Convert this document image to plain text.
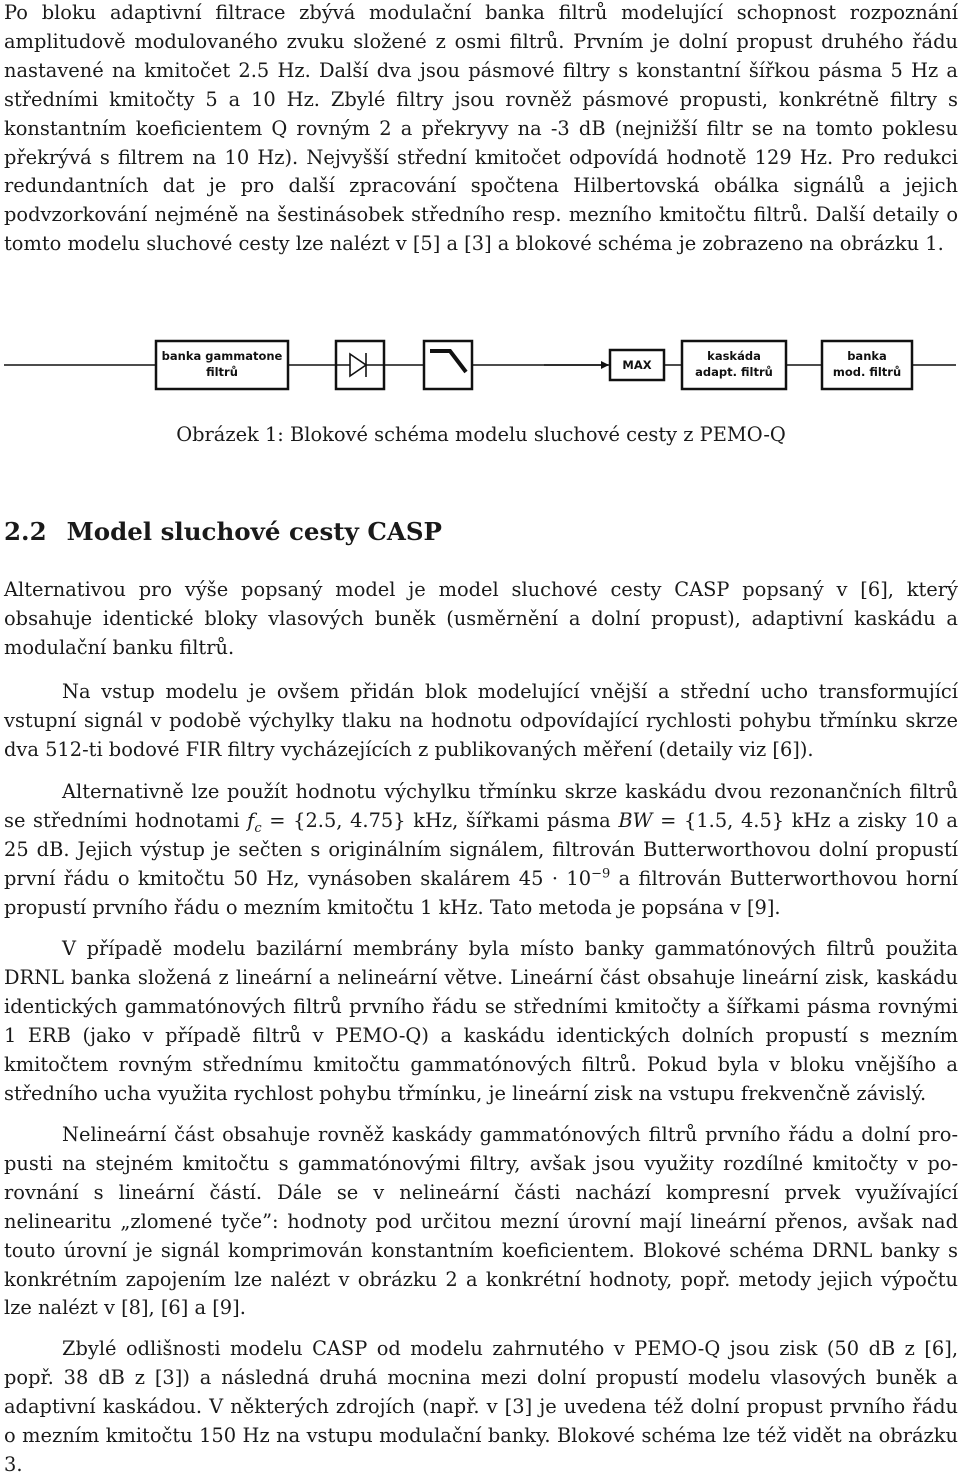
Po bloku adaptivní filtrace zbývá modulační banka filtrů modelující schopnost rozpoznání amplitudově modulovaného zvuku složené z osmi filtrů. Prvním je dolní propust druhého řádu nastavené na kmitočet 2.5 Hz. Další dva jsou pásmové filtry s konstantní šířkou pásma 5 Hz a středními kmitočty 5 a 10 Hz. Zbylé filtry jsou rovněž pásmové propusti, konkrétně filtry s konstantním koeficientem Q rovným 2 a překryvy na -3 dB (nejnižší filtr se na tomto poklesu překrývá s filtrem na 10 Hz). Nejvyšší střední kmitočet odpovídá hodnotě 129 Hz. Pro redukci redundantních dat je pro další zpracování spočtena Hilbertovská obálka signálů a jejich podvzorkování nejméně na šestinásobek středního resp. mezního kmitočtu filtrů. Další detaily o tomto modelu sluchové cesty lze nalézt v [5] a [3] a blokové schéma je zobrazeno na obrázku 1.

banka gammatone
filtrů	MAX
kaskáda
adapt. filtrů
banka
mod. filtrů
Obrázek 1: Blokové schéma modelu sluchové cesty z PEMO-Q
2.2 Model sluchové cesty CASP

Alternativou pro výše popsaný model je model sluchové cesty CASP popsaný v [6], který obsahuje identické bloky vlasových buněk (usměrnění a dolní propust), adaptivní kaskádu a modulační banku filtrů.

Na vstup modelu je ovšem přidán blok modelující vnější a střední ucho transformující vstupní signál v podobě výchylky tlaku na hodnotu odpovídající rychlosti pohybu třmínku skrze dva 512-ti bodové FIR filtry vycházejících z publikovaných měření (detaily viz [6]).

Alternativně lze použít hodnotu výchylku třmínku skrze kaskádu dvou rezonančních filtrů se středními hodnotami $f_c = \{2.5$, 4.75} kHz, šířkami pásma BW = {1.5, 4.5} kHz a zisky 10 a 25 dB. Jejich výstup je sečten s originálním signálem, filtrován Butterworthovou dolní propustí první řádu o kmitočtu 50 Hz, vynásoben skalárem $45 \cdot 10^{-9}$ a filtrován Butterworthovou horní propustí prvního řádu o mezním kmitočtu 1 kHz. Tato metoda je popsána v [9].

V případě modelu bazilární membrány byla místo banky gammatónových filtrů použita DRNL banka složená z lineární a nelineární větve. Lineární část obsahuje lineární zisk, kaskádu identických gammatónových filtrů prvního řádu se středními kmitočty a šířkami pásma rovnými 1 ERB (jako v případě filtrů v PEMO-Q) a kaskádu identických dolních propustí s mezním kmitočtem rovným střednímu kmitočtu gammatónových filtrů. Pokud byla v bloku vnějšího a středního ucha využita rychlost pohybu třmínku, je lineární zisk na vstupu frekvenčně závislý.

Nelineární část obsahuje rovněž kaskády gammatónových filtrů prvního řádu a dolní propusti na stejném kmitočtu s gammatónovými filtry, avšak jsou využity rozdílné kmitočty v porovnání s lineární částí. Dále se v nelineární části nachází kompresní prvek využívající nelinearitu „zlomené tyče”: hodnoty pod určitou mezní úrovní mají lineární přenos, avšak nad touto úrovní je signál komprimován konstantním koeficientem. Blokové schéma DRNL banky s konkrétním zapojením lze nalézt v obrázku 2 a konkrétní hodnoty, popř. metody jejich výpočtu lze nalézt v [8], [6] a [9].

Zbylé odlišnosti modelu CASP od modelu zahrnutého v PEMO-Q jsou zisk (50 dB z [6], popř. 38 dB z [3]) a následná druhá mocnina mezi dolní propustí modelu vlasových buněk a adaptivní kaskádou. V některých zdrojích (např. v [3] je uvedena též dolní propust prvního řádu o mezním kmitočtu 150 Hz na vstupu modulační banky. Blokové schéma lze též vidět na obrázku 3.
